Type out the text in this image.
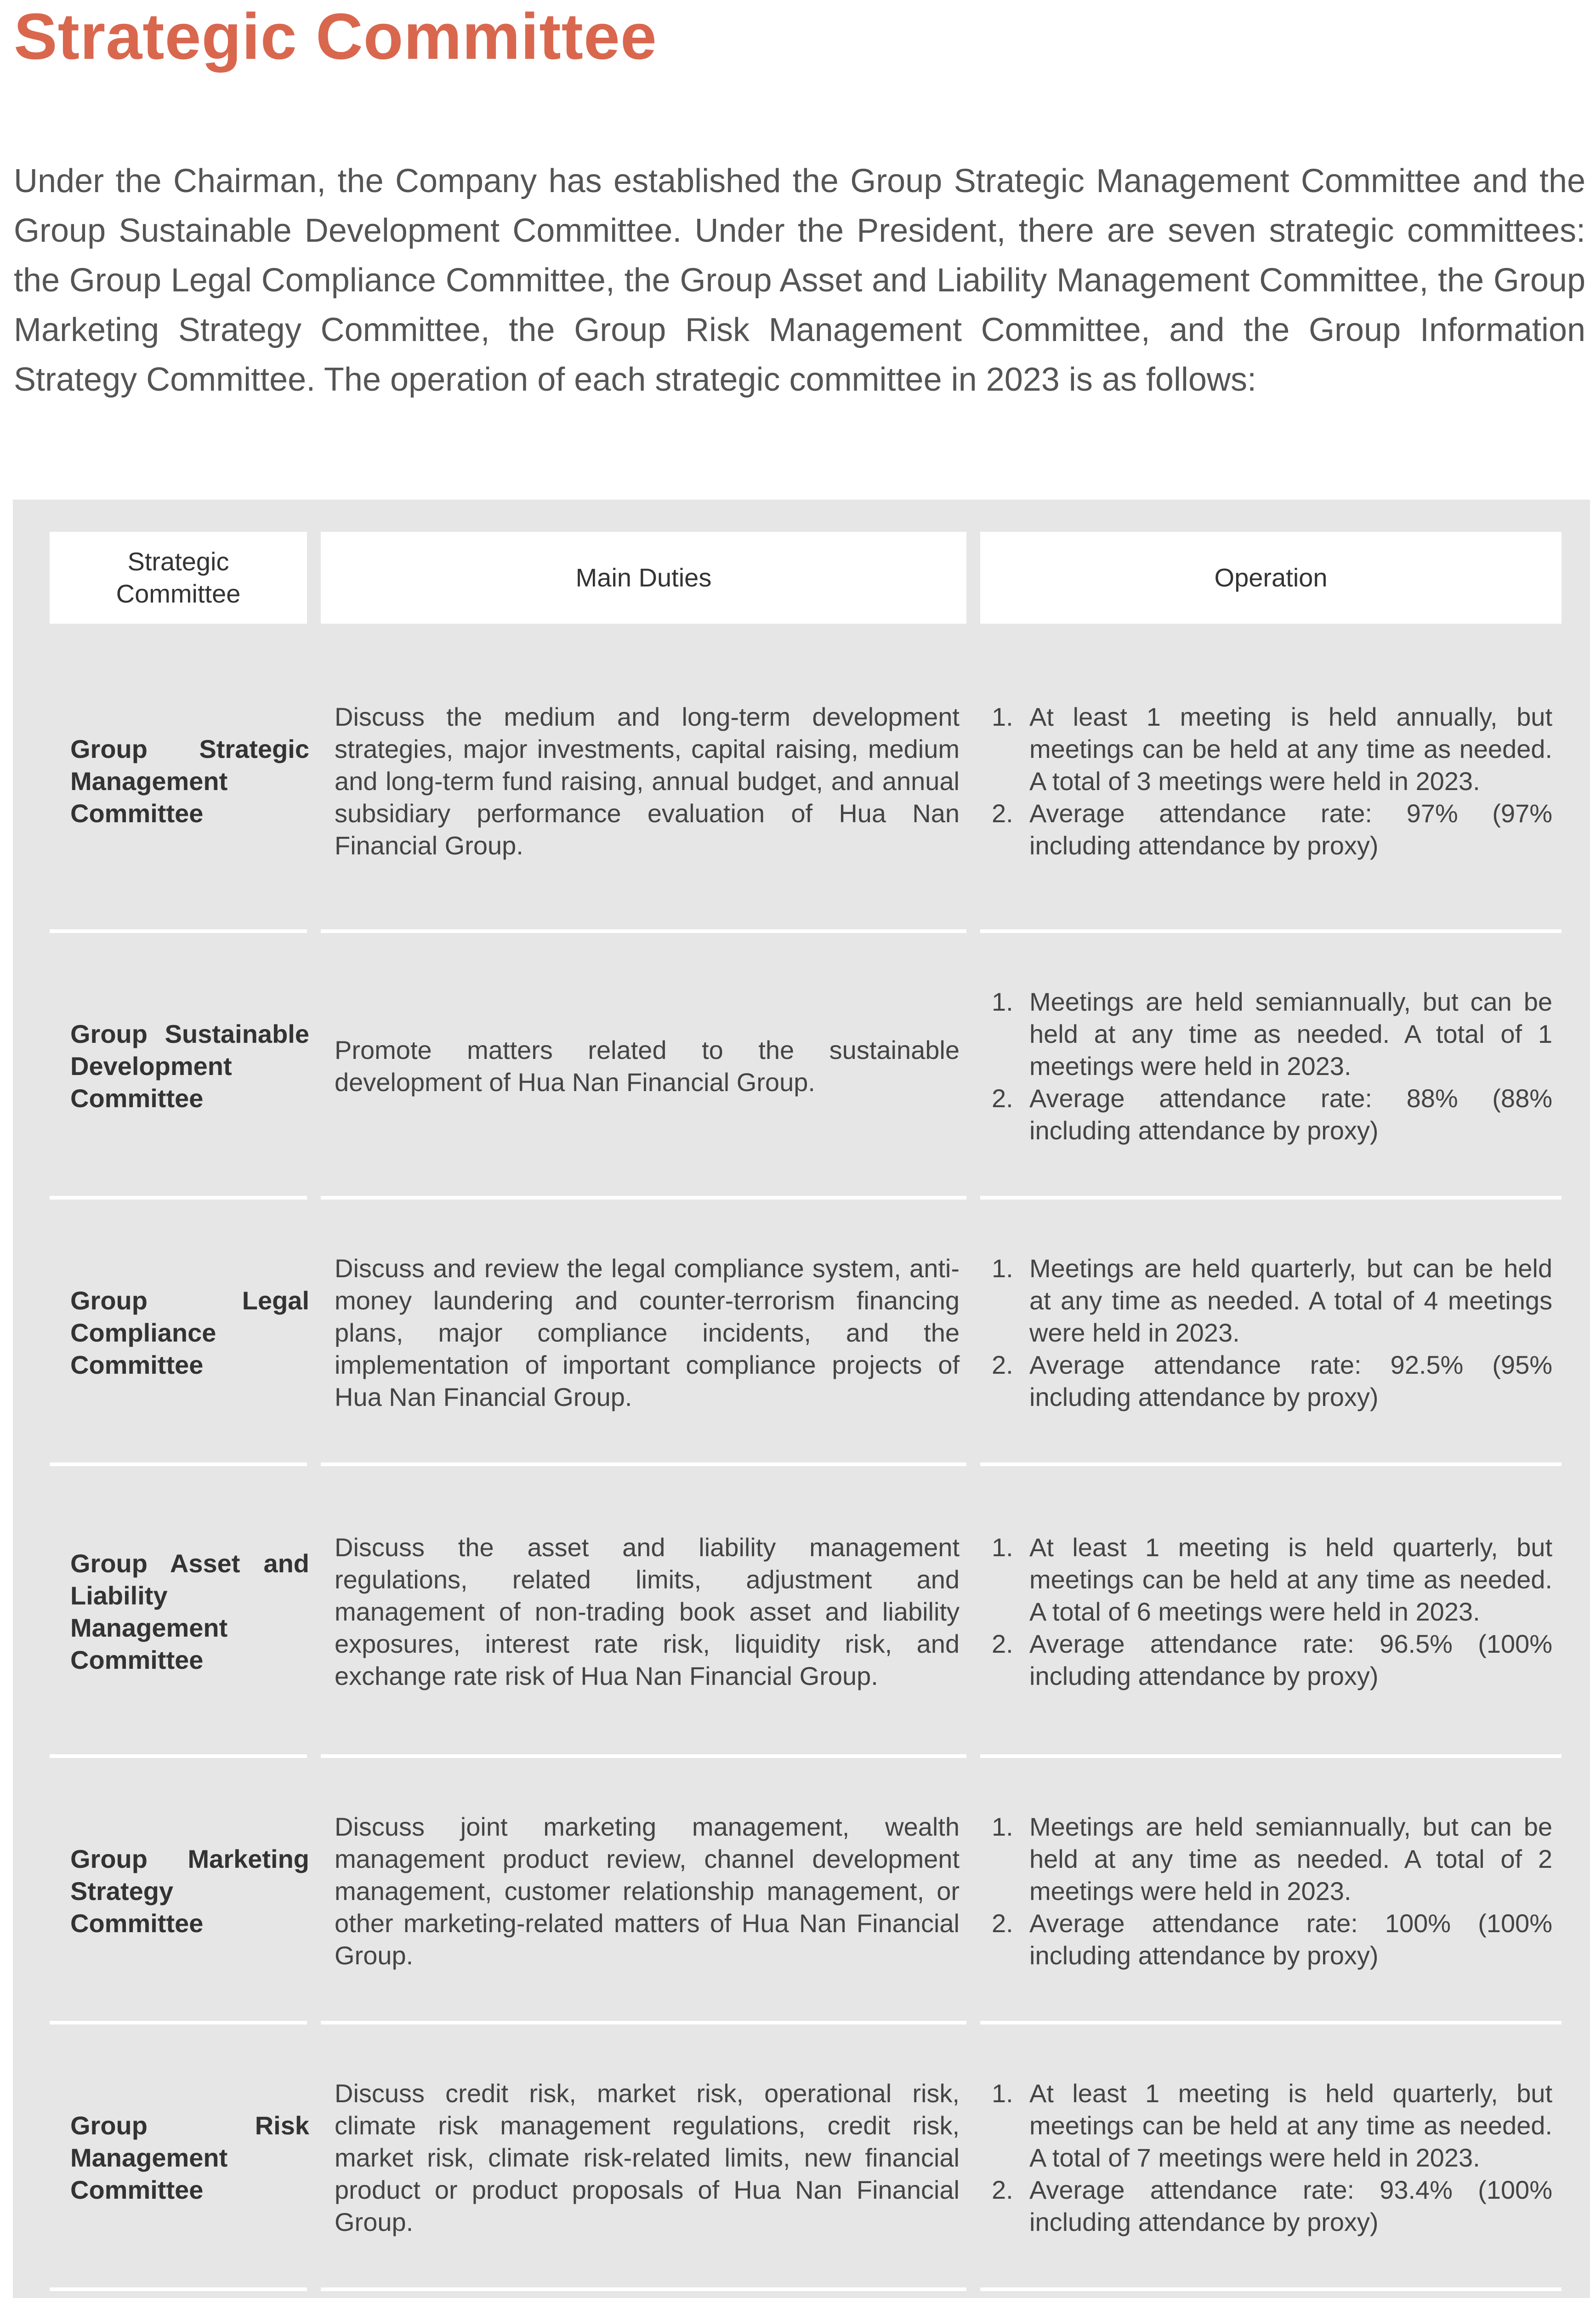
Strategic Committee
Under the Chairman, the Company has established the Group Strategic Management Committee and the Group Sustainable Development Committee. Under the President, there are seven strategic committees: the Group Legal Compliance Committee, the Group Asset and Liability Management Committee, the Group Marketing Strategy Committee, the Group Risk Management Committee, and the Group Information Strategy Committee. The operation of each strategic committee in 2023 is as follows:
Strategic Committee
Main Duties	Operation
Group Strategic Management Committee
Discuss the medium and long-term development strategies, major investments, capital raising, medium and long-term fund raising, annual budget, and annual subsidiary performance evaluation of Hua Nan Financial Group.
1. At least 1 meeting is held annually, but meetings can be held at any time as needed. A total of 3 meetings were held in 2023.
2. Average attendance rate: 97% (97% including attendance by proxy)
Group Sustainable Development Committee
Promote matters related to the sustainable development of Hua Nan Financial Group.
1. Meetings are held semiannually, but can be held at any time as needed. A total of 1 meetings were held in 2023.
2. Average attendance rate: 88% (88% including attendance by proxy)
Group Legal Compliance Committee
Discuss and review the legal compliance system, anti-money laundering and counter-terrorism financing plans, major compliance incidents, and the implementation of important compliance projects of Hua Nan Financial Group.
1. Meetings are held quarterly, but can be held at any time as needed. A total of 4 meetings were held in 2023.
2. Average attendance rate: 92.5% (95% including attendance by proxy)
Group Asset and Liability Management Committee
Discuss the asset and liability management regulations, related limits, adjustment and management of non-trading book asset and liability exposures, interest rate risk, liquidity risk, and exchange rate risk of Hua Nan Financial Group.
1. At least 1 meeting is held quarterly, but meetings can be held at any time as needed. A total of 6 meetings were held in 2023.
2. Average attendance rate: 96.5% (100% including attendance by proxy)
Group Marketing Strategy Committee
Discuss joint marketing management, wealth management product review, channel development management, customer relationship management, or other marketing-related matters of Hua Nan Financial Group.
1. Meetings are held semiannually, but can be held at any time as needed. A total of 2 meetings were held in 2023.
2. Average attendance rate: 100% (100% including attendance by proxy)
Group Risk Management Committee
Discuss credit risk, market risk, operational risk, climate risk management regulations, credit risk, market risk, climate risk-related limits, new financial product or product proposals of Hua Nan Financial Group.
1. At least 1 meeting is held quarterly, but meetings can be held at any time as needed. A total of 7 meetings were held in 2023.
2. Average attendance rate: 93.4% (100% including attendance by proxy)
